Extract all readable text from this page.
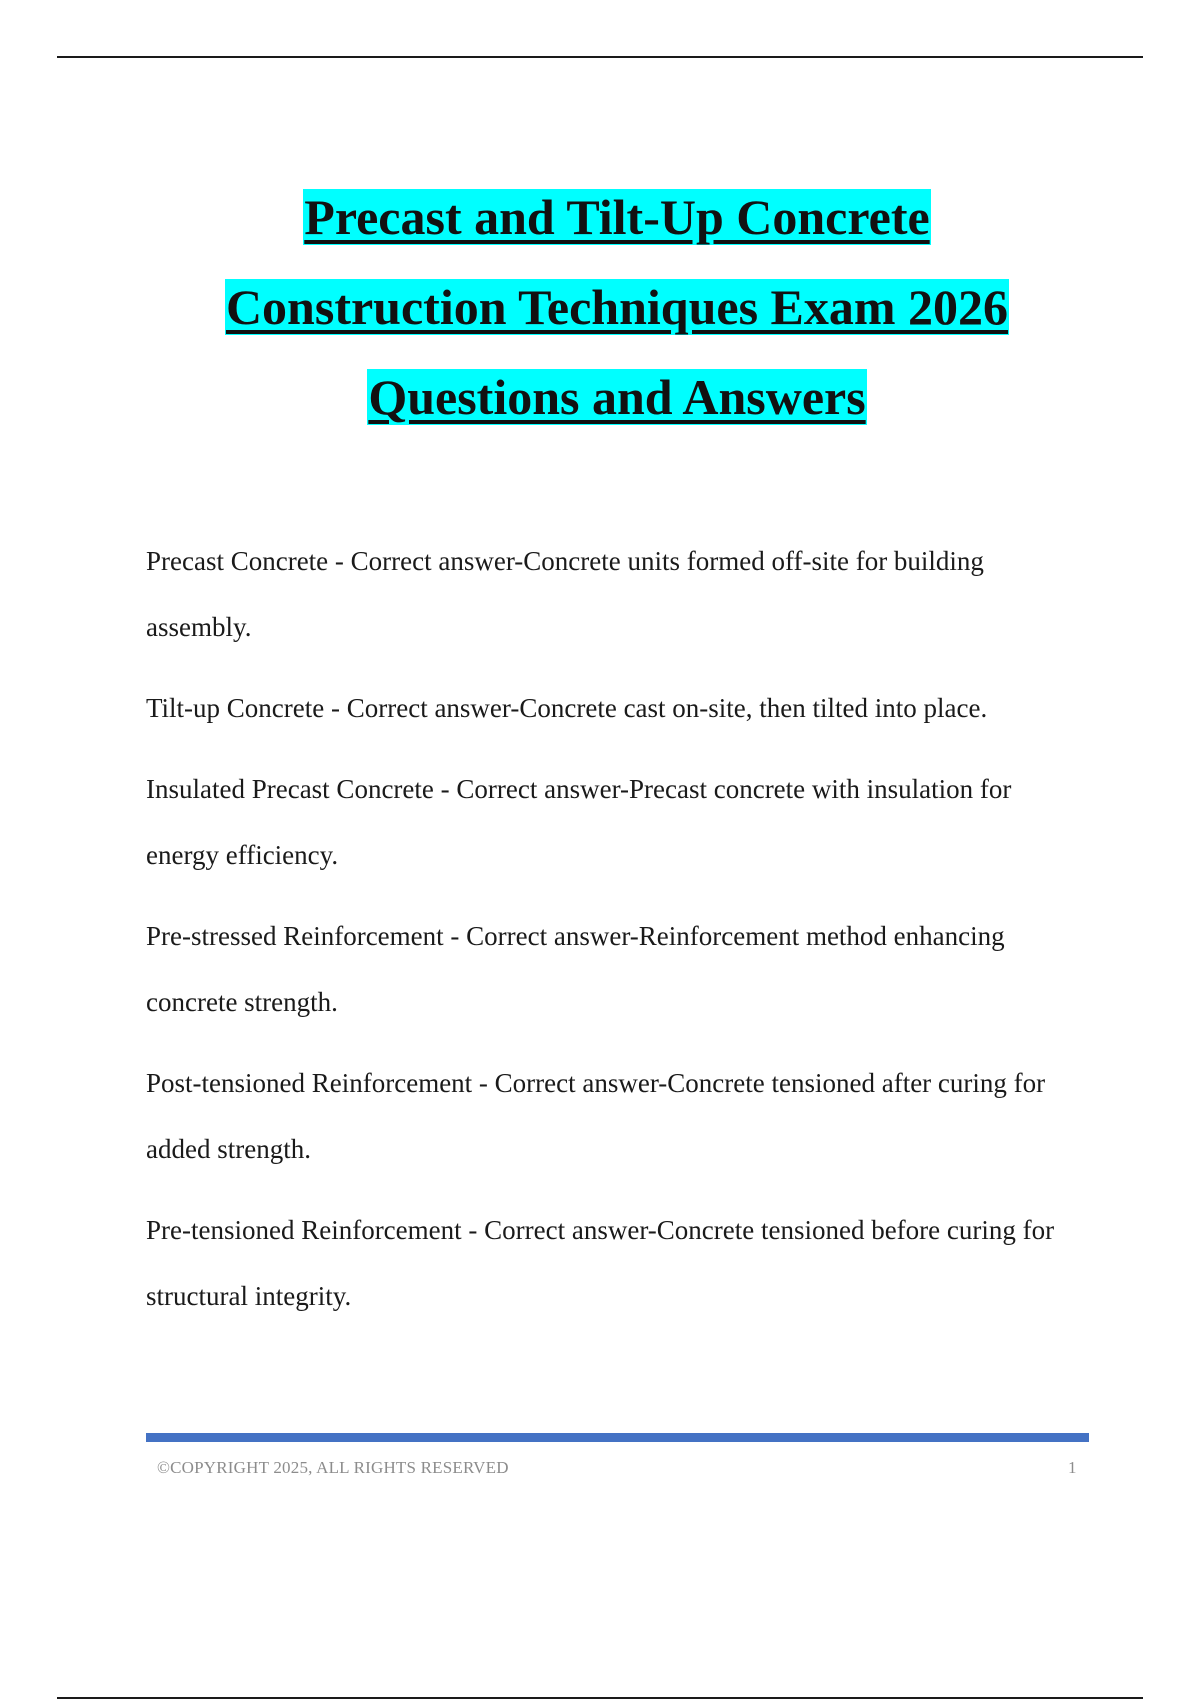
Precast and Tilt-Up Concrete
Construction Techniques Exam 2026
Questions and Answers

Precast Concrete - Correct answer-Concrete units formed off-site for building assembly.

Tilt-up Concrete - Correct answer-Concrete cast on-site, then tilted into place.

Insulated Precast Concrete - Correct answer-Precast concrete with insulation for energy efficiency.

Pre-stressed Reinforcement - Correct answer-Reinforcement method enhancing concrete strength.

Post-tensioned Reinforcement - Correct answer-Concrete tensioned after curing for added strength.

Pre-tensioned Reinforcement - Correct answer-Concrete tensioned before curing for structural integrity.

©COPYRIGHT 2025, ALL RIGHTS RESERVED	1
